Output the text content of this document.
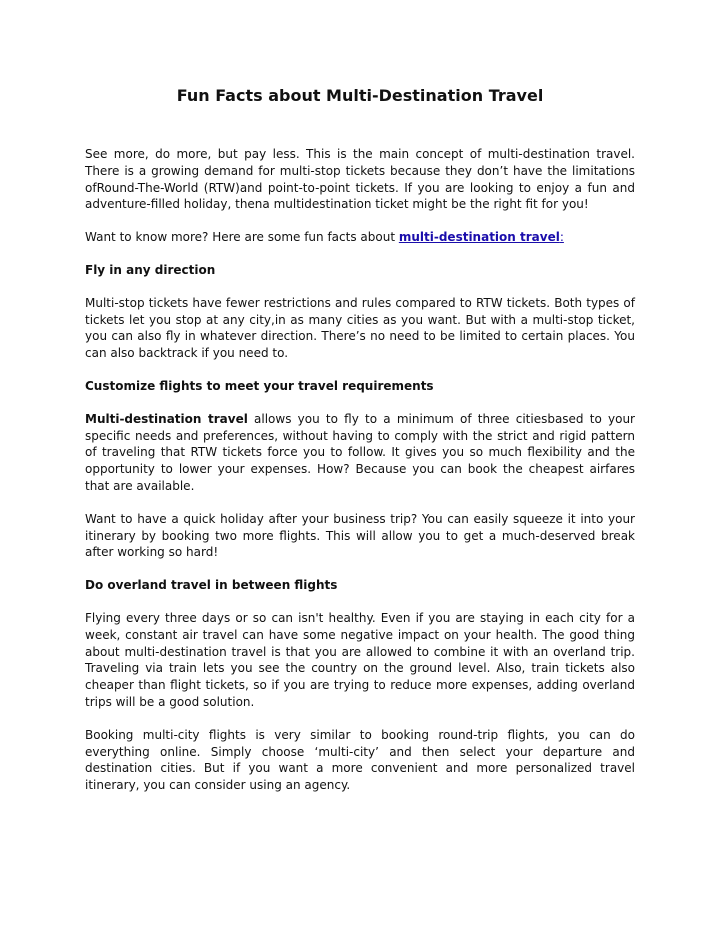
Fun Facts about Multi-Destination Travel

See more, do more, but pay less. This is the main concept of multi-destination travel. There is a growing demand for multi-stop tickets because they don’t have the limitations ofRound-The-World (RTW)and point-to-point tickets. If you are looking to enjoy a fun and adventure-filled holiday, thena multidestination ticket might be the right fit for you!

Want to know more? Here are some fun facts about multi-destination travel:

Fly in any direction

Multi-stop tickets have fewer restrictions and rules compared to RTW tickets. Both types of tickets let you stop at any city,in as many cities as you want. But with a multi-stop ticket, you can also fly in whatever direction. There’s no need to be limited to certain places. You can also backtrack if you need to.

Customize flights to meet your travel requirements

Multi-destination travel allows you to fly to a minimum of three citiesbased to your specific needs and preferences, without having to comply with the strict and rigid pattern of traveling that RTW tickets force you to follow. It gives you so much flexibility and the opportunity to lower your expenses. How? Because you can book the cheapest airfares that are available.

Want to have a quick holiday after your business trip? You can easily squeeze it into your itinerary by booking two more flights. This will allow you to get a much-deserved break after working so hard!

Do overland travel in between flights

Flying every three days or so can isn't healthy. Even if you are staying in each city for a week, constant air travel can have some negative impact on your health. The good thing about multi-destination travel is that you are allowed to combine it with an overland trip. Traveling via train lets you see the country on the ground level. Also, train tickets also cheaper than flight tickets, so if you are trying to reduce more expenses, adding overland trips will be a good solution.

Booking multi-city flights is very similar to booking round-trip flights, you can do everything online. Simply choose ‘multi-city’ and then select your departure and destination cities. But if you want a more convenient and more personalized travel itinerary, you can consider using an agency.
